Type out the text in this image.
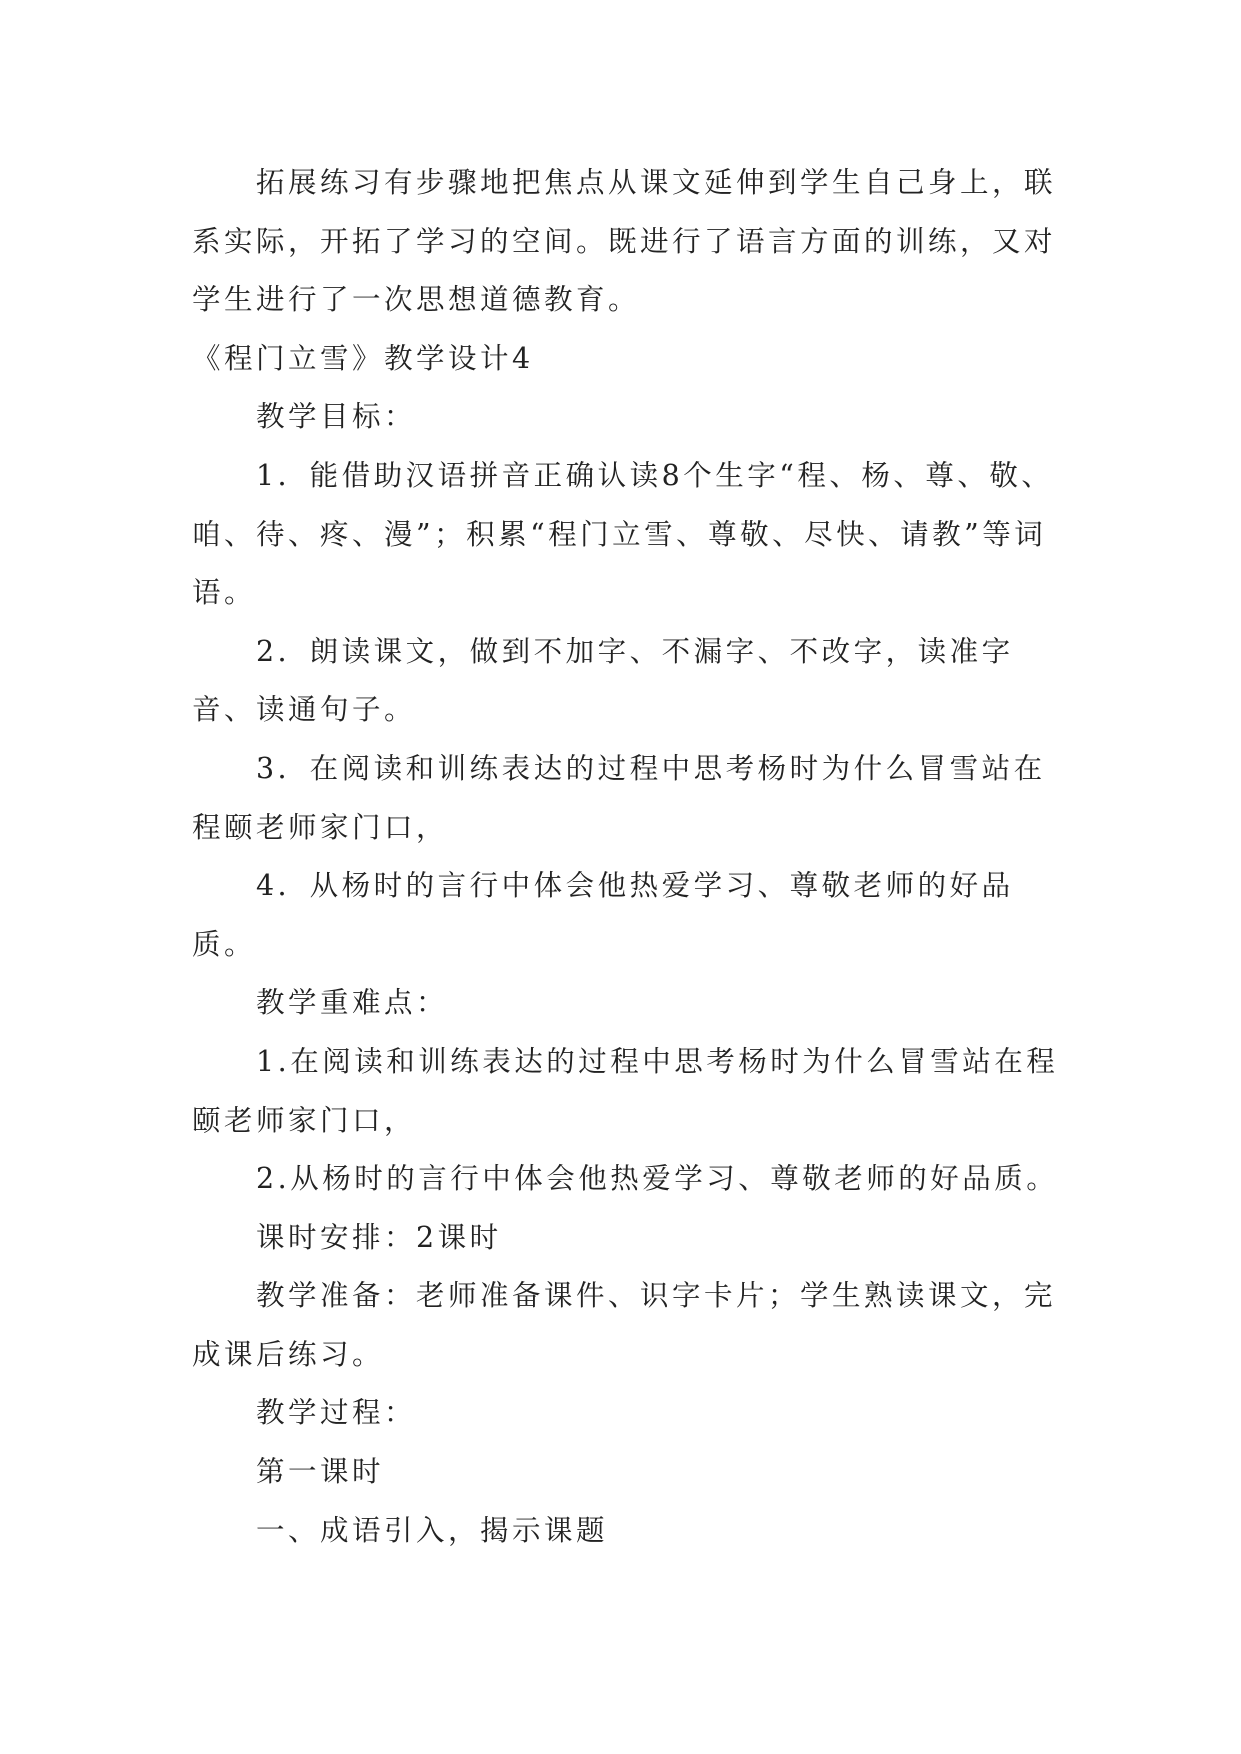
拓展练习有步骤地把焦点从课文延伸到学生自己身上，联系实际，开拓了学习的空间。既进行了语言方面的训练，又对学生进行了一次思想道德教育。

《程门立雪》教学设计4

教学目标：

1．能借助汉语拼音正确认读8个生字“程、杨、尊、敬、咱、待、疼、漫”；积累“程门立雪、尊敬、尽快、请教”等词语。

2．朗读课文，做到不加字、不漏字、不改字，读准字音、读通句子。

3．在阅读和训练表达的过程中思考杨时为什么冒雪站在程颐老师家门口，

4．从杨时的言行中体会他热爱学习、尊敬老师的好品质。

教学重难点：

1.在阅读和训练表达的过程中思考杨时为什么冒雪站在程颐老师家门口，

2.从杨时的言行中体会他热爱学习、尊敬老师的好品质。

课时安排：2课时

教学准备：老师准备课件、识字卡片；学生熟读课文，完成课后练习。

教学过程：

第一课时

一、成语引入，揭示课题
